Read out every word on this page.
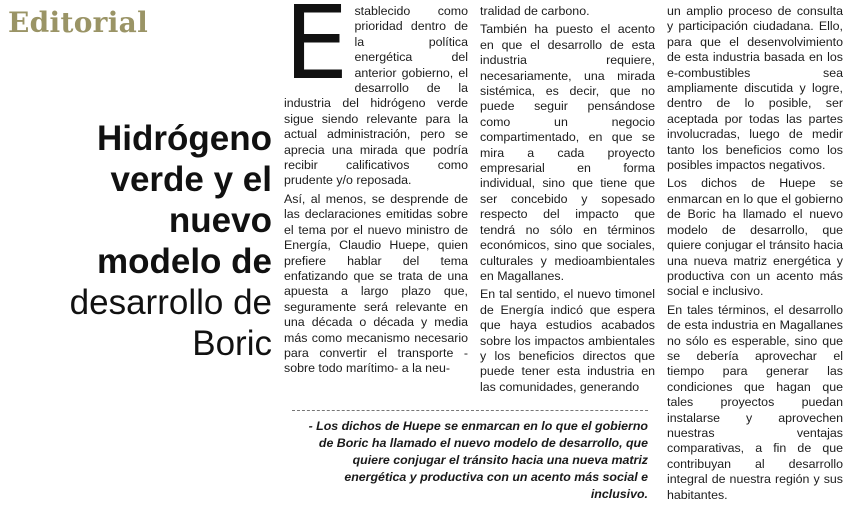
Editorial
Hidrógeno verde y el nuevo modelo de
desarrollo de Boric

Establecido como prioridad dentro de la política energética del anterior gobierno, el desarrollo de la industria del hidrógeno verde sigue siendo relevante para la actual administración, pero se aprecia una mirada que podría recibir calificativos como prudente y/o reposada.

Así, al menos, se desprende de las declaraciones emitidas sobre el tema por el nuevo ministro de Energía, Claudio Huepe, quien prefiere hablar del tema enfatizando que se trata de una apuesta a largo plazo que, seguramente será relevante en una década o década y media más como mecanismo necesario para convertir el transporte -sobre todo marítimo- a la neu-

tralidad de carbono.

También ha puesto el acento en que el desarrollo de esta industria requiere, necesariamente, una mirada sistémica, es decir, que no puede seguir pensándose como un negocio compartimentado, en que se mira a cada proyecto empresarial en forma individual, sino que tiene que ser concebido y sopesado respecto del impacto que tendrá no sólo en términos económicos, sino que sociales, culturales y medioambientales en Magallanes.

En tal sentido, el nuevo timonel de Energía indicó que espera que haya estudios acabados sobre los impactos ambientales y los beneficios directos que puede tener esta industria en las comunidades, generando

un amplio proceso de consulta y participación ciudadana. Ello, para que el desenvolvimiento de esta industria basada en los e-combustibles sea ampliamente discutida y logre, dentro de lo posible, ser aceptada por todas las partes involucradas, luego de medir tanto los beneficios como los posibles impactos negativos.

Los dichos de Huepe se enmarcan en lo que el gobierno de Boric ha llamado el nuevo modelo de desarrollo, que quiere conjugar el tránsito hacia una nueva matriz energética y productiva con un acento más social e inclusivo.

En tales términos, el desarrollo de esta industria en Magallanes no sólo es esperable, sino que se debería aprovechar el tiempo para generar las condiciones que hagan que tales proyectos puedan instalarse y aprovechen nuestras ventajas comparativas, a fin de que contribuyan al desarrollo integral de nuestra región y sus habitantes.

- Los dichos de Huepe se enmarcan en lo que el gobierno de Boric ha llamado el nuevo modelo de desarrollo, que quiere conjugar el tránsito hacia una nueva matriz energética y productiva con un acento más social e inclusivo.
